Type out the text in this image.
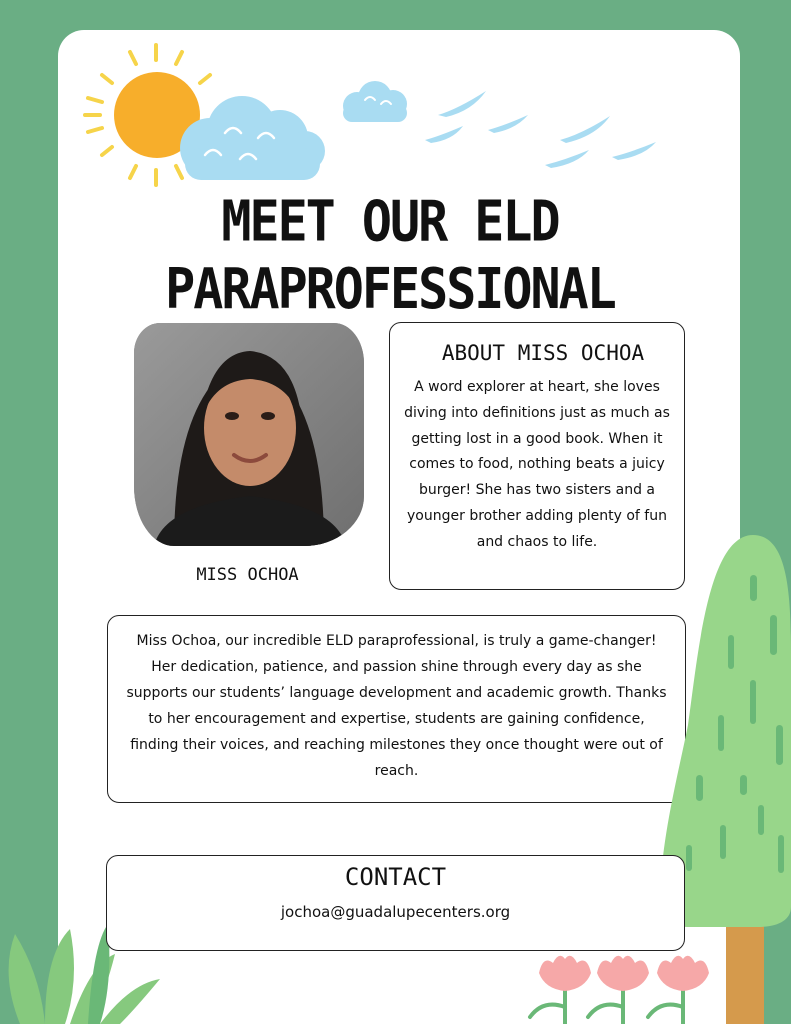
MEET OUR ELD
PARAPROFESSIONAL
MISS OCHOA
ABOUT MISS OCHOA
A word explorer at heart, she loves diving into definitions just as much as getting lost in a good book. When it comes to food, nothing beats a juicy burger! She has two sisters and a younger brother adding plenty of fun and chaos to life.
Miss Ochoa, our incredible ELD paraprofessional, is truly a game-changer! Her dedication, patience, and passion shine through every day as she supports our students’ language development and academic growth. Thanks to her encouragement and expertise, students are gaining confidence, finding their voices, and reaching milestones they once thought were out of reach.
CONTACT
jochoa@guadalupecenters.org
